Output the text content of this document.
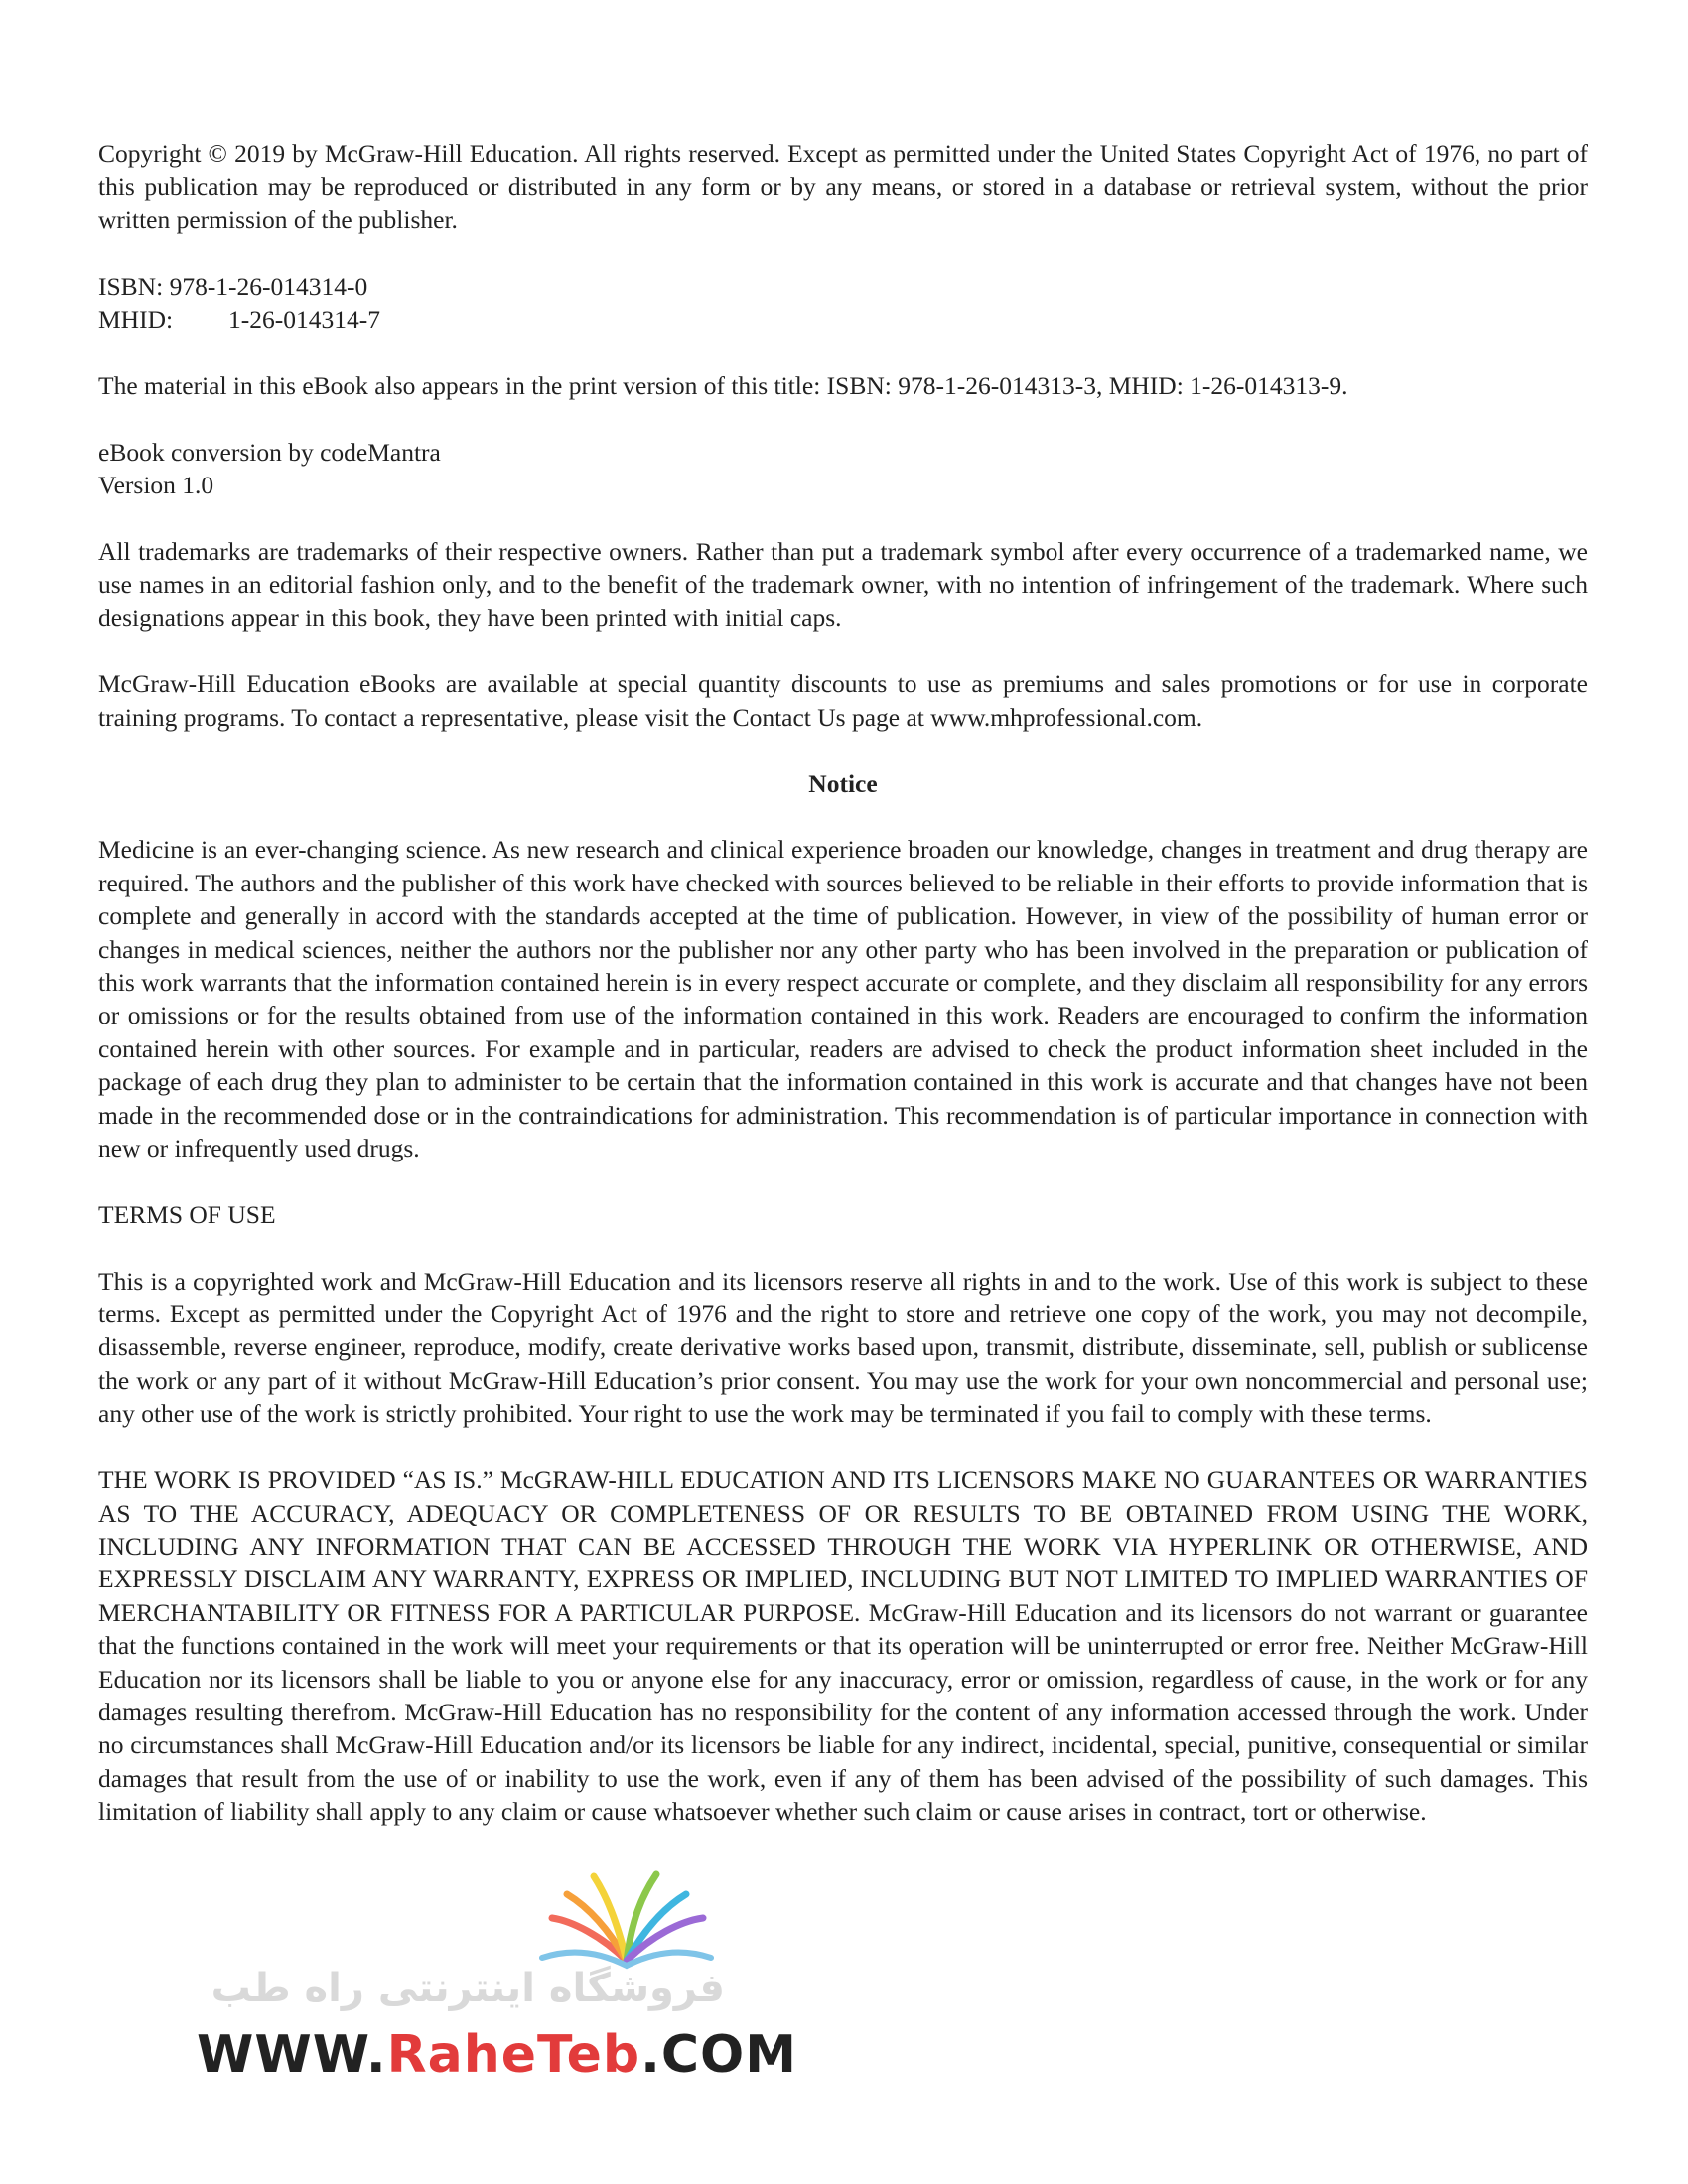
Copyright © 2019 by McGraw-Hill Education. All rights reserved. Except as permitted under the United States Copyright Act of 1976, no part of this publication may be reproduced or distributed in any form or by any means, or stored in a database or retrieval system, without the prior written permission of the publisher.

ISBN: 978-1-26-014314-0
MHID: 1-26-014314-7

The material in this eBook also appears in the print version of this title: ISBN: 978-1-26-014313-3, MHID: 1-26-014313-9.

eBook conversion by codeMantra
Version 1.0

All trademarks are trademarks of their respective owners. Rather than put a trademark symbol after every occurrence of a trademarked name, we use names in an editorial fashion only, and to the benefit of the trademark owner, with no intention of infringement of the trademark. Where such designations appear in this book, they have been printed with initial caps.

McGraw-Hill Education eBooks are available at special quantity discounts to use as premiums and sales promotions or for use in corporate training programs. To contact a representative, please visit the Contact Us page at www.mhprofessional.com.

Notice

Medicine is an ever-changing science. As new research and clinical experience broaden our knowledge, changes in treatment and drug therapy are required. The authors and the publisher of this work have checked with sources believed to be reliable in their efforts to provide information that is complete and generally in accord with the standards accepted at the time of publication. However, in view of the possibility of human error or changes in medical sciences, neither the authors nor the publisher nor any other party who has been involved in the preparation or publication of this work warrants that the information contained herein is in every respect accurate or complete, and they disclaim all responsibility for any errors or omissions or for the results obtained from use of the information contained in this work. Readers are encouraged to confirm the information contained herein with other sources. For example and in particular, readers are advised to check the product information sheet included in the package of each drug they plan to administer to be certain that the information contained in this work is accurate and that changes have not been made in the recommended dose or in the contraindications for administration. This recommendation is of particular importance in connection with new or infrequently used drugs.

TERMS OF USE

This is a copyrighted work and McGraw-Hill Education and its licensors reserve all rights in and to the work. Use of this work is subject to these terms. Except as permitted under the Copyright Act of 1976 and the right to store and retrieve one copy of the work, you may not decompile, disassemble, reverse engineer, reproduce, modify, create derivative works based upon, transmit, distribute, disseminate, sell, publish or sublicense the work or any part of it without McGraw-Hill Education’s prior consent. You may use the work for your own noncommercial and personal use; any other use of the work is strictly prohibited. Your right to use the work may be terminated if you fail to comply with these terms.

THE WORK IS PROVIDED “AS IS.” McGRAW-HILL EDUCATION AND ITS LICENSORS MAKE NO GUARANTEES OR WARRANTIES AS TO THE ACCURACY, ADEQUACY OR COMPLETENESS OF OR RESULTS TO BE OBTAINED FROM USING THE WORK, INCLUDING ANY INFORMATION THAT CAN BE ACCESSED THROUGH THE WORK VIA HYPERLINK OR OTHERWISE, AND EXPRESSLY DISCLAIM ANY WARRANTY, EXPRESS OR IMPLIED, INCLUDING BUT NOT LIMITED TO IMPLIED WARRANTIES OF MERCHANTABILITY OR FITNESS FOR A PARTICULAR PURPOSE. McGraw-Hill Education and its licensors do not warrant or guarantee that the functions contained in the work will meet your requirements or that its operation will be uninterrupted or error free. Neither McGraw-Hill Education nor its licensors shall be liable to you or anyone else for any inaccuracy, error or omission, regardless of cause, in the work or for any damages resulting therefrom. McGraw-Hill Education has no responsibility for the content of any information accessed through the work. Under no circumstances shall McGraw-Hill Education and/or its licensors be liable for any indirect, incidental, special, punitive, consequential or similar damages that result from the use of or inability to use the work, even if any of them has been advised of the possibility of such damages. This limitation of liability shall apply to any claim or cause whatsoever whether such claim or cause arises in contract, tort or otherwise.

فروشگاه اینترنتی راه طب
WWW.RaheTeb.COM
